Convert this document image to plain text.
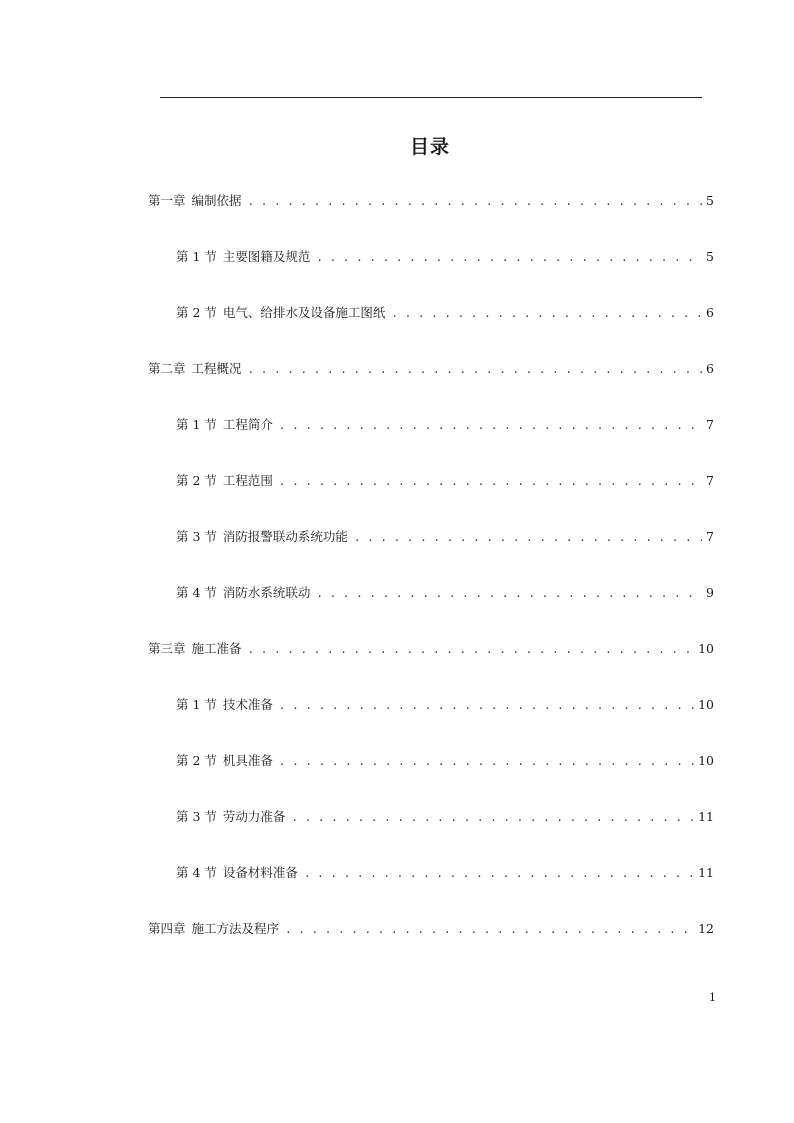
目录
第一章 编制依据 . . .	5
第 1 节 主要图籍及规范 . . .	5
第 2 节 电气、给排水及设备施工图纸 . . .	6
第二章 工程概况 . . .	6
第 1 节 工程简介 . . .	7
第 2 节 工程范围 . . .	7
第 3 节 消防报警联动系统功能 . . .	7
第 4 节 消防水系统联动 . . .	9
第三章 施工准备 . . .	10
第 1 节 技术准备 . . .	10
第 2 节 机具准备 . . .	10
第 3 节 劳动力准备 . . .	11
第 4 节 设备材料准备 . . .	11
第四章 施工方法及程序 . . .	12
1
